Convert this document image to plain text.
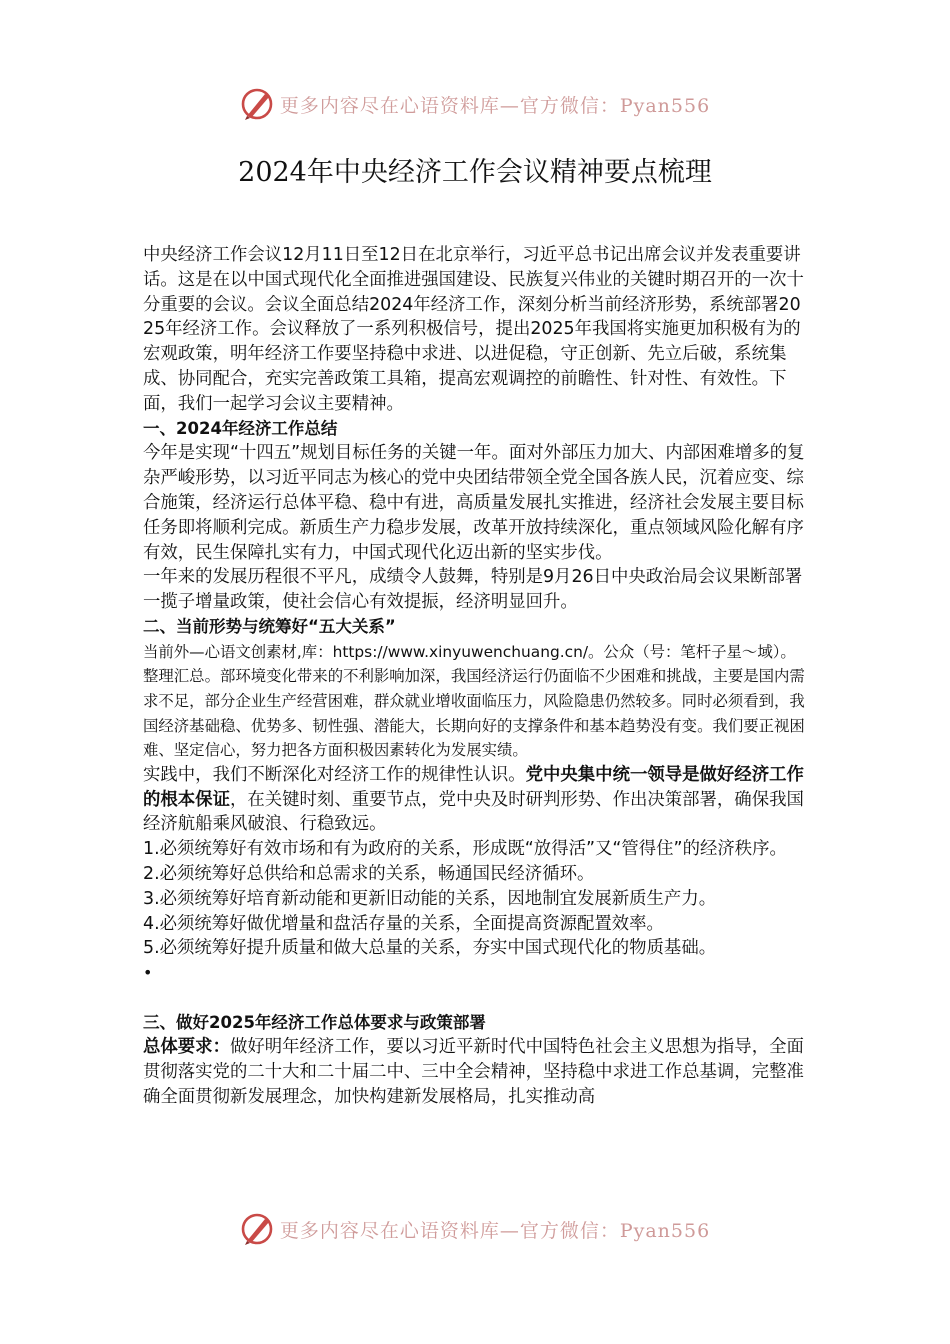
更多内容尽在心语资料库—官方微信：Pyan556
2024年中央经济工作会议精神要点梳理

中央经济工作会议12月11日至12日在北京举行，习近平总书记出席会议并发表重要讲话。这是在以中国式现代化全面推进强国建设、民族复兴伟业的关键时期召开的一次十分重要的会议。会议全面总结2024年经济工作，深刻分析当前经济形势，系统部署2025年经济工作。会议释放了一系列积极信号，提出2025年我国将实施更加积极有为的宏观政策，明年经济工作要坚持稳中求进、以进促稳，守正创新、先立后破，系统集成、协同配合，充实完善政策工具箱，提高宏观调控的前瞻性、针对性、有效性。下面，我们一起学习会议主要精神。

一、2024年经济工作总结

今年是实现“十四五”规划目标任务的关键一年。面对外部压力加大、内部困难增多的复杂严峻形势，以习近平同志为核心的党中央团结带领全党全国各族人民，沉着应变、综合施策，经济运行总体平稳、稳中有进，高质量发展扎实推进，经济社会发展主要目标任务即将顺利完成。新质生产力稳步发展，改革开放持续深化，重点领域风险化解有序有效，民生保障扎实有力，中国式现代化迈出新的坚实步伐。

一年来的发展历程很不平凡，成绩令人鼓舞，特别是9月26日中央政治局会议果断部署一揽子增量政策，使社会信心有效提振，经济明显回升。

二、当前形势与统筹好“五大关系”

当前外—心语文创素材,库：https://www.xinyuwenchuang.cn/。公众（号：笔杆子星～域）。整理汇总。部环境变化带来的不利影响加深，我国经济运行仍面临不少困难和挑战，主要是国内需求不足，部分企业生产经营困难，群众就业增收面临压力，风险隐患仍然较多。同时必须看到，我国经济基础稳、优势多、韧性强、潜能大，长期向好的支撑条件和基本趋势没有变。我们要正视困难、坚定信心，努力把各方面积极因素转化为发展实绩。

实践中，我们不断深化对经济工作的规律性认识。党中央集中统一领导是做好经济工作的根本保证，在关键时刻、重要节点，党中央及时研判形势、作出决策部署，确保我国经济航船乘风破浪、行稳致远。

1.必须统筹好有效市场和有为政府的关系，形成既“放得活”又“管得住”的经济秩序。

2.必须统筹好总供给和总需求的关系，畅通国民经济循环。

3.必须统筹好培育新动能和更新旧动能的关系，因地制宜发展新质生产力。

4.必须统筹好做优增量和盘活存量的关系，全面提高资源配置效率。

5.必须统筹好提升质量和做大总量的关系，夯实中国式现代化的物质基础。

•

三、做好2025年经济工作总体要求与政策部署

总体要求：做好明年经济工作，要以习近平新时代中国特色社会主义思想为指导，全面贯彻落实党的二十大和二十届二中、三中全会精神，坚持稳中求进工作总基调，完整准确全面贯彻新发展理念，加快构建新发展格局，扎实推动高

更多内容尽在心语资料库—官方微信：Pyan556
